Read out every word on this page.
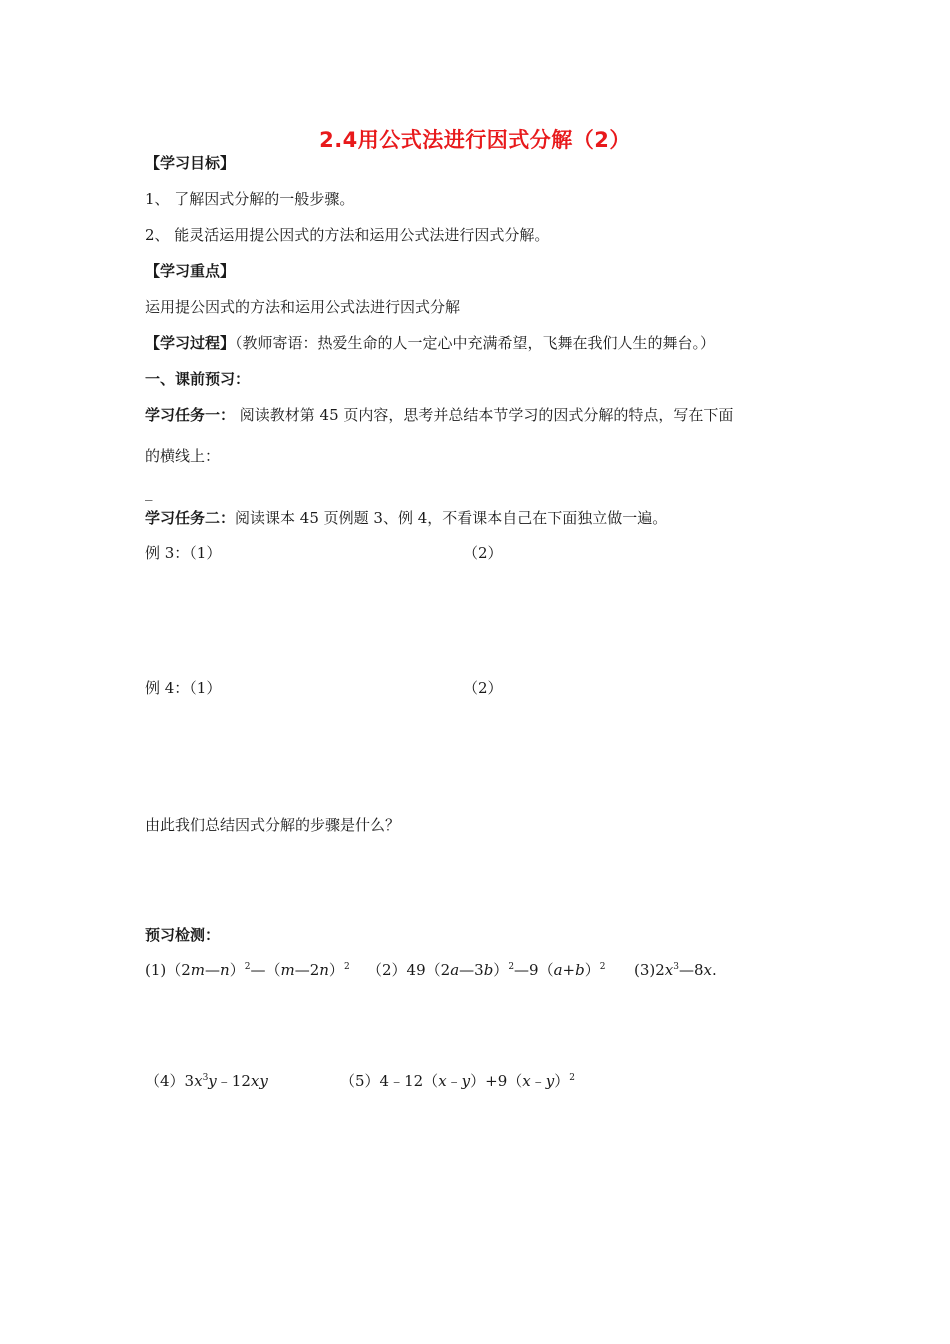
2.4用公式法进行因式分解（2）
【学习目标】
1、 了解因式分解的一般步骤。
2、 能灵活运用提公因式的方法和运用公式法进行因式分解。
【学习重点】
运用提公因式的方法和运用公式法进行因式分解
【学习过程】（教师寄语：热爱生命的人一定心中充满希望，飞舞在我们人生的舞台。）
一、课前预习：
学习任务一： 阅读教材第 45 页内容，思考并总结本节学习的因式分解的特点，写在下面
的横线上：
_
学习任务二：阅读课本 45 页例题 3、例 4，不看课本自己在下面独立做一遍。
例 3：（1）	（2）
例 4：（1）	（2）
由此我们总结因式分解的步骤是什么？
预习检测：
(1)（2m—n）$^2$—（m—2n）$^2$ $(2)49(2a—3b)^2—9(a+b)^2$ $(3)2x^3—8x$.
$(4)3x^3y﹣12xy$	（5）4﹣12（x﹣y）+9（x﹣y）$^2$
